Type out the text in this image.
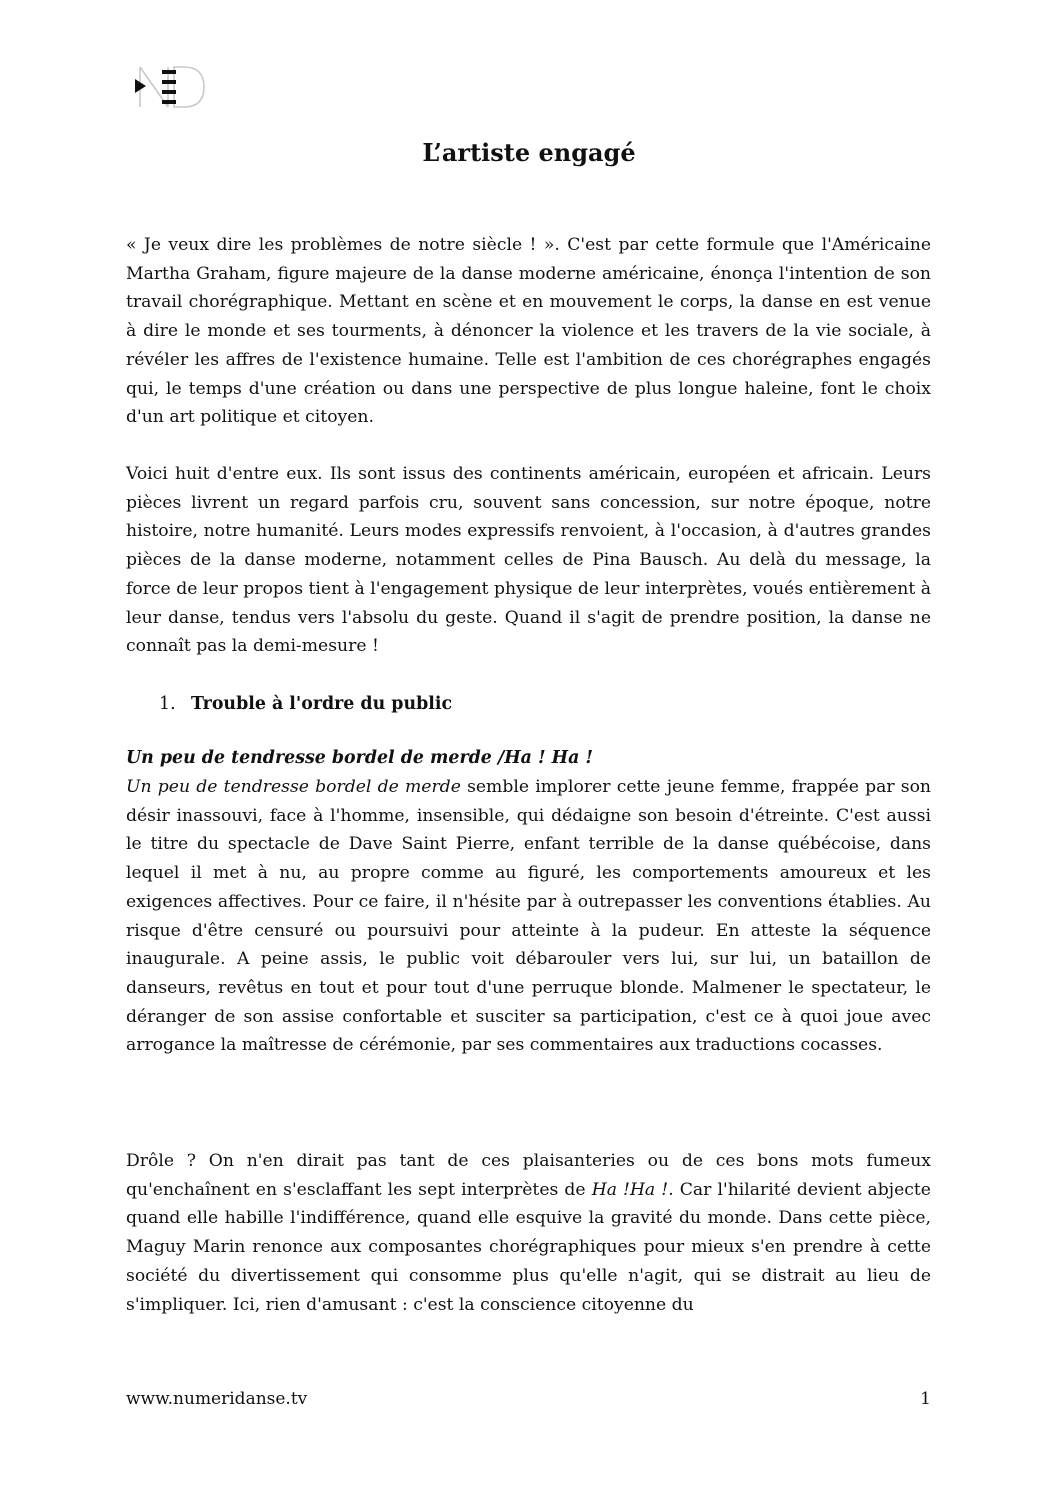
L’artiste engagé

« Je veux dire les problèmes de notre siècle ! ». C'est par cette formule que l'Américaine Martha Graham, figure majeure de la danse moderne américaine, énonça l'intention de son travail chorégraphique. Mettant en scène et en mouvement le corps, la danse en est venue à dire le monde et ses tourments, à dénoncer la violence et les travers de la vie sociale, à révéler les affres de l'existence humaine. Telle est l'ambition de ces chorégraphes engagés qui, le temps d'une création ou dans une perspective de plus longue haleine, font le choix d'un art politique et citoyen.

Voici huit d'entre eux. Ils sont issus des continents américain, européen et africain. Leurs pièces livrent un regard parfois cru, souvent sans concession, sur notre époque, notre histoire, notre humanité. Leurs modes expressifs renvoient, à l'occasion, à d'autres grandes pièces de la danse moderne, notamment celles de Pina Bausch. Au delà du message, la force de leur propos tient à l'engagement physique de leur interprètes, voués entièrement à leur danse, tendus vers l'absolu du geste. Quand il s'agit de prendre position, la danse ne connaît pas la demi-mesure !

1. Trouble à l'ordre du public
Un peu de tendresse bordel de merde /Ha ! Ha !

Un peu de tendresse bordel de merde semble implorer cette jeune femme, frappée par son désir inassouvi, face à l'homme, insensible, qui dédaigne son besoin d'étreinte. C'est aussi le titre du spectacle de Dave Saint Pierre, enfant terrible de la danse québécoise, dans lequel il met à nu, au propre comme au figuré, les comportements amoureux et les exigences affectives. Pour ce faire, il n'hésite par à outrepasser les conventions établies. Au risque d'être censuré ou poursuivi pour atteinte à la pudeur. En atteste la séquence inaugurale. A peine assis, le public voit débarouler vers lui, sur lui, un bataillon de danseurs, revêtus en tout et pour tout d'une perruque blonde. Malmener le spectateur, le déranger de son assise confortable et susciter sa participation, c'est ce à quoi joue avec arrogance la maîtresse de cérémonie, par ses commentaires aux traductions cocasses.

Drôle ? On n'en dirait pas tant de ces plaisanteries ou de ces bons mots fumeux qu'enchaînent en s'esclaffant les sept interprètes de Ha !Ha !. Car l'hilarité devient abjecte quand elle habille l'indifférence, quand elle esquive la gravité du monde. Dans cette pièce, Maguy Marin renonce aux composantes chorégraphiques pour mieux s'en prendre à cette société du divertissement qui consomme plus qu'elle n'agit, qui se distrait au lieu de s'impliquer. Ici, rien d'amusant : c'est la conscience citoyenne du

www.numeridanse.tv	1
